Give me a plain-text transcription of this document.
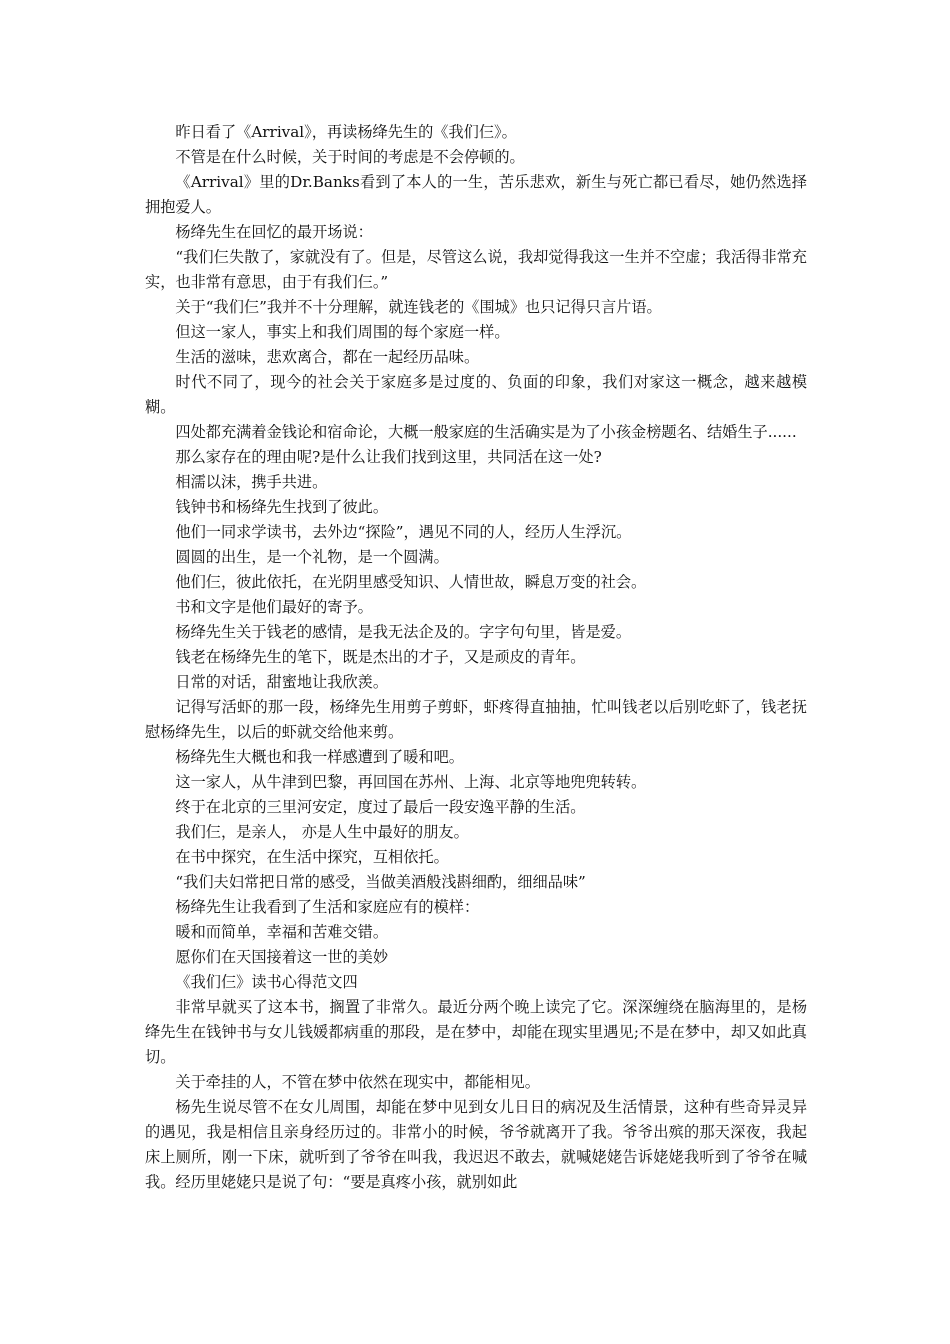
昨日看了《Arrival》，再读杨绛先生的《我们仨》。

不管是在什么时候，关于时间的考虑是不会停顿的。

《Arrival》里的Dr.Banks看到了本人的一生，苦乐悲欢，新生与死亡都已看尽，她仍然选择拥抱爱人。

杨绛先生在回忆的最开场说：

“我们仨失散了，家就没有了。但是，尽管这么说，我却觉得我这一生并不空虚；我活得非常充实，也非常有意思，由于有我们仨。”

关于“我们仨”我并不十分理解，就连钱老的《围城》也只记得只言片语。

但这一家人，事实上和我们周围的每个家庭一样。

生活的滋味，悲欢离合，都在一起经历品味。

时代不同了，现今的社会关于家庭多是过度的、负面的印象，我们对家这一概念，越来越模糊。

四处都充满着金钱论和宿命论，大概一般家庭的生活确实是为了小孩金榜题名、结婚生子......

那么家存在的理由呢?是什么让我们找到这里，共同活在这一处?

相濡以沫，携手共进。

钱钟书和杨绛先生找到了彼此。

他们一同求学读书，去外边“探险”，遇见不同的人，经历人生浮沉。

圆圆的出生，是一个礼物，是一个圆满。

他们仨，彼此依托，在光阴里感受知识、人情世故，瞬息万变的社会。

书和文字是他们最好的寄予。

杨绛先生关于钱老的感情，是我无法企及的。字字句句里，皆是爱。

钱老在杨绛先生的笔下，既是杰出的才子，又是顽皮的青年。

日常的对话，甜蜜地让我欣羡。

记得写活虾的那一段，杨绛先生用剪子剪虾，虾疼得直抽抽，忙叫钱老以后别吃虾了，钱老抚慰杨绛先生，以后的虾就交给他来剪。

杨绛先生大概也和我一样感遭到了暖和吧。

这一家人，从牛津到巴黎，再回国在苏州、上海、北京等地兜兜转转。

终于在北京的三里河安定，度过了最后一段安逸平静的生活。

我们仨，是亲人， 亦是人生中最好的朋友。

在书中探究，在生活中探究，互相依托。

“我们夫妇常把日常的感受，当做美酒般浅斟细酌，细细品味”

杨绛先生让我看到了生活和家庭应有的模样：

暖和而简单，幸福和苦难交错。

愿你们在天国接着这一世的美妙

《我们仨》读书心得范文四

非常早就买了这本书，搁置了非常久。最近分两个晚上读完了它。深深缠绕在脑海里的，是杨绛先生在钱钟书与女儿钱媛都病重的那段，是在梦中，却能在现实里遇见;不是在梦中，却又如此真切。

关于牵挂的人，不管在梦中依然在现实中，都能相见。

杨先生说尽管不在女儿周围，却能在梦中见到女儿日日的病况及生活情景，这种有些奇异灵异的遇见，我是相信且亲身经历过的。非常小的时候，爷爷就离开了我。爷爷出殡的那天深夜，我起床上厕所，刚一下床，就听到了爷爷在叫我，我迟迟不敢去，就喊姥姥告诉姥姥我听到了爷爷在喊我。经历里姥姥只是说了句：“要是真疼小孩，就别如此
